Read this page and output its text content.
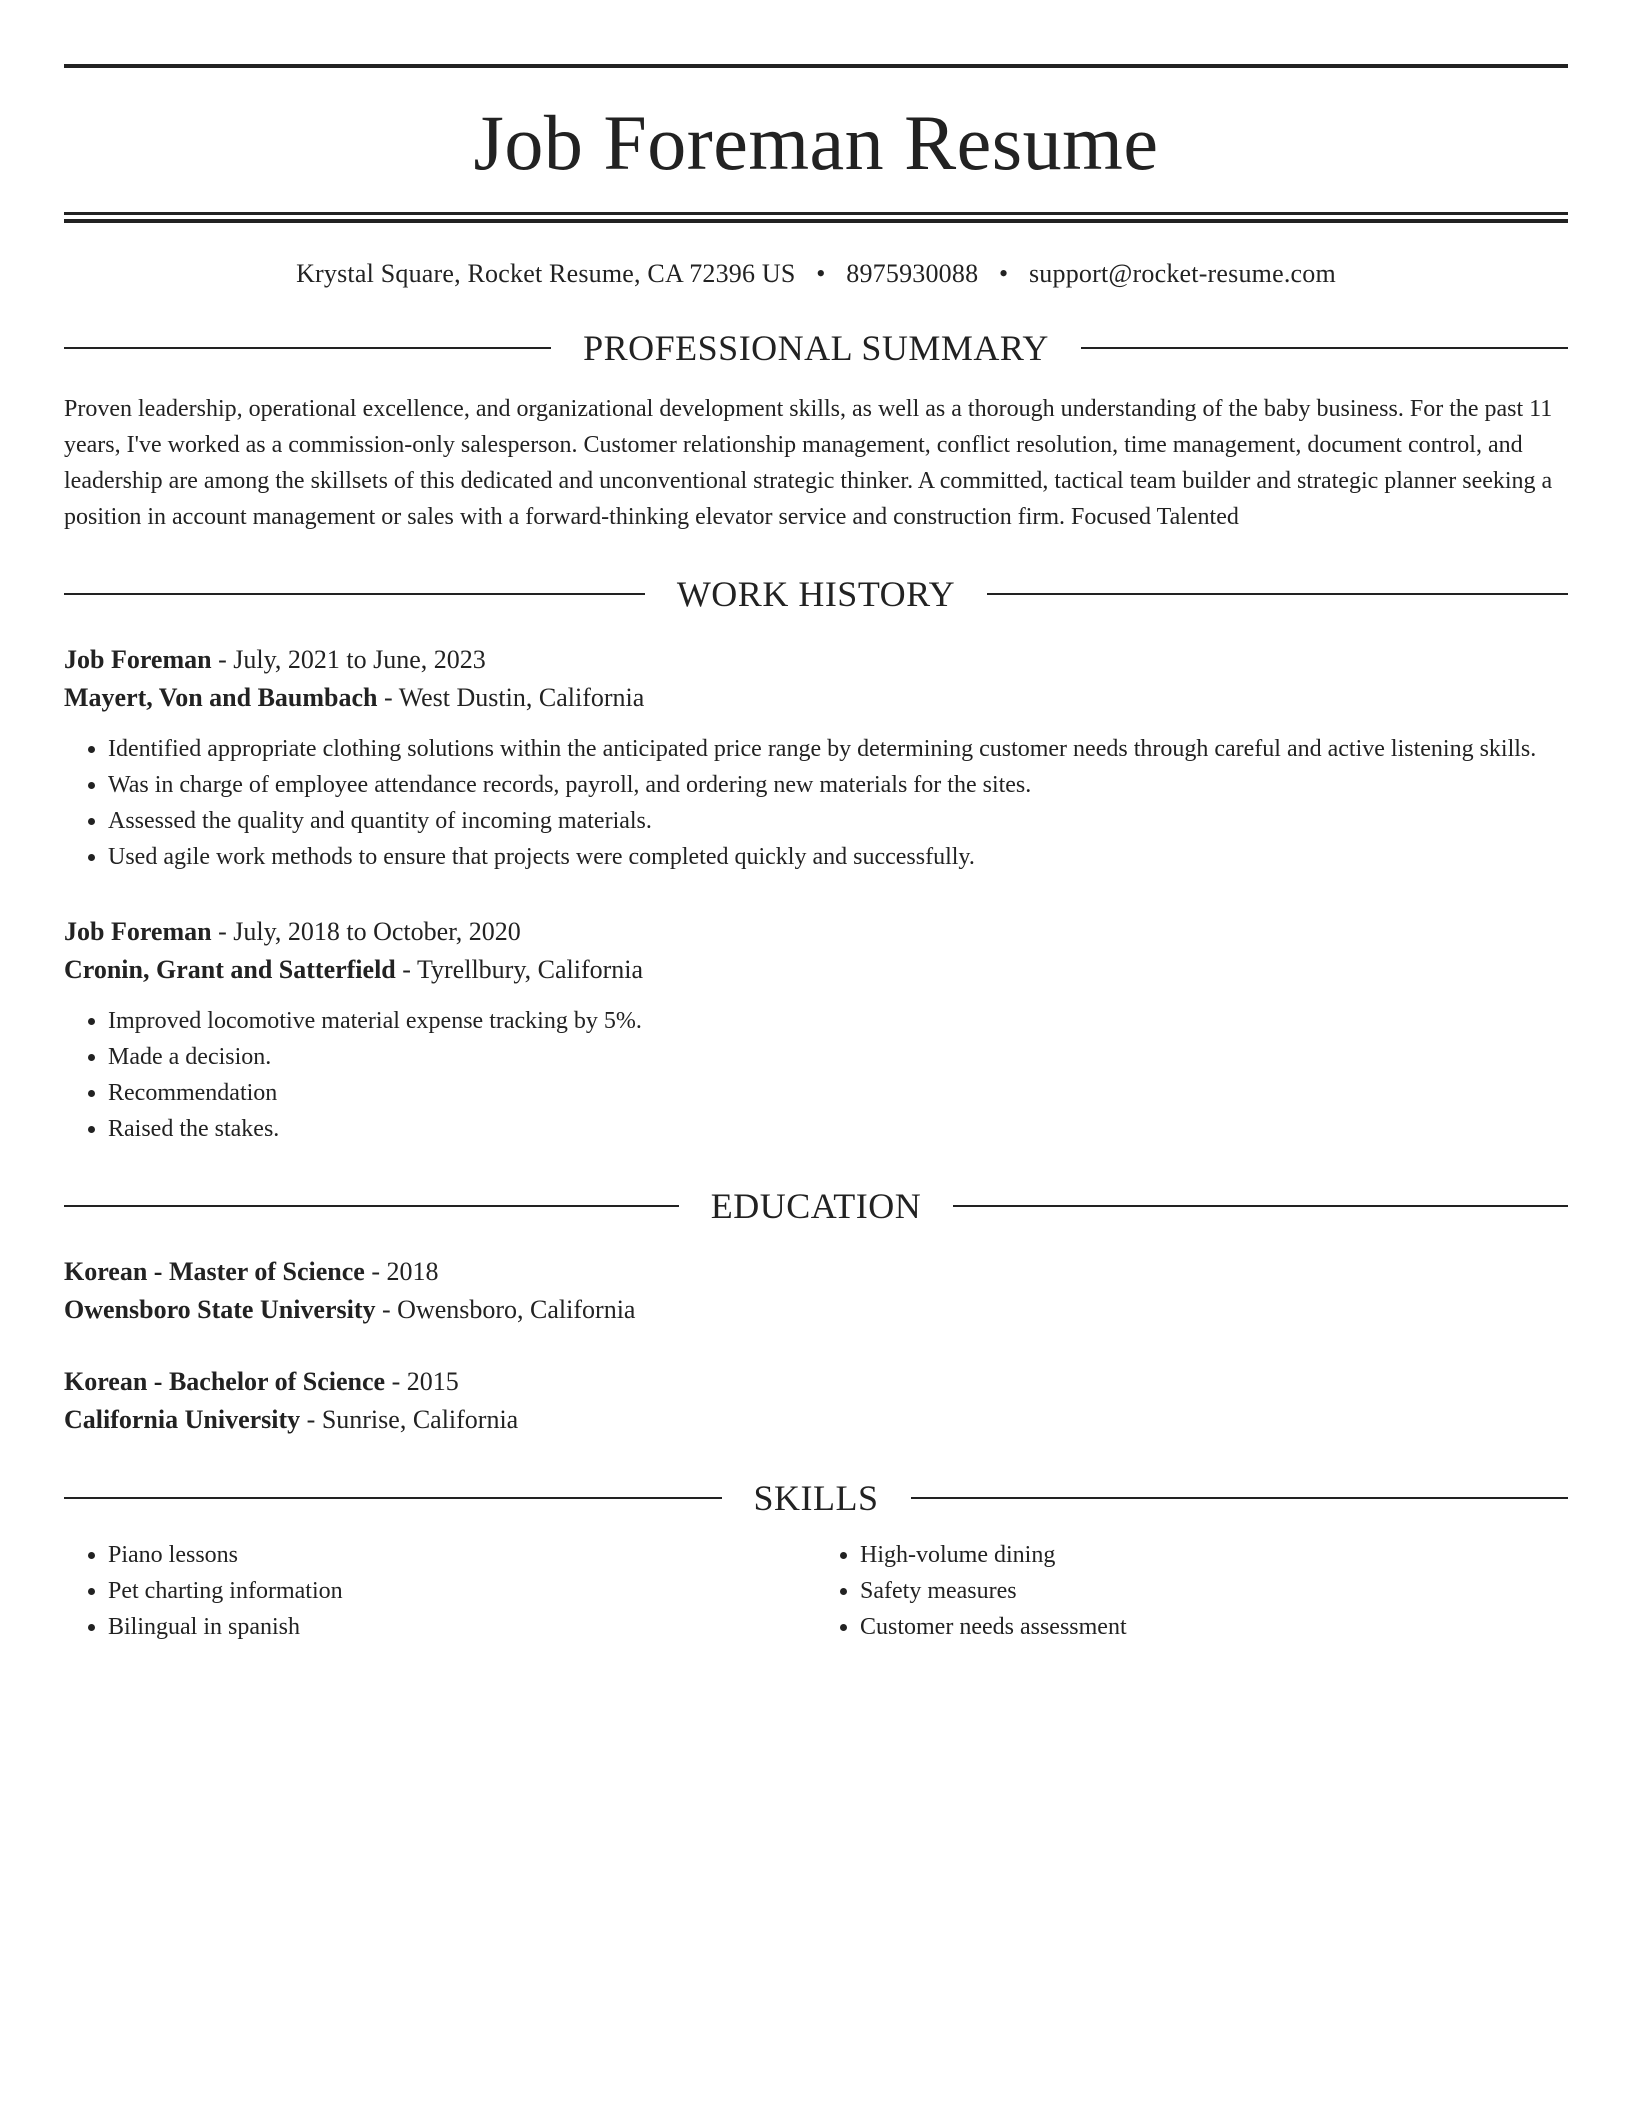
Job Foreman Resume
Krystal Square, Rocket Resume, CA 72396 US • 8975930088 • support@rocket-resume.com
PROFESSIONAL SUMMARY
Proven leadership, operational excellence, and organizational development skills, as well as a thorough understanding of the baby business. For the past 11 years, I've worked as a commission-only salesperson. Customer relationship management, conflict resolution, time management, document control, and leadership are among the skillsets of this dedicated and unconventional strategic thinker. A committed, tactical team builder and strategic planner seeking a position in account management or sales with a forward-thinking elevator service and construction firm. Focused Talented
WORK HISTORY
Job Foreman - July, 2021 to June, 2023
Mayert, Von and Baumbach - West Dustin, California
• Identified appropriate clothing solutions within the anticipated price range by determining customer needs through careful and active listening skills.
• Was in charge of employee attendance records, payroll, and ordering new materials for the sites.
• Assessed the quality and quantity of incoming materials.
• Used agile work methods to ensure that projects were completed quickly and successfully.
Job Foreman - July, 2018 to October, 2020
Cronin, Grant and Satterfield - Tyrellbury, California
• Improved locomotive material expense tracking by 5%.
• Made a decision.
• Recommendation
• Raised the stakes.
EDUCATION
Korean - Master of Science - 2018
Owensboro State University - Owensboro, California
Korean - Bachelor of Science - 2015
California University - Sunrise, California
SKILLS
• Piano lessons
• Pet charting information
• Bilingual in spanish
• High-volume dining
• Safety measures
• Customer needs assessment
